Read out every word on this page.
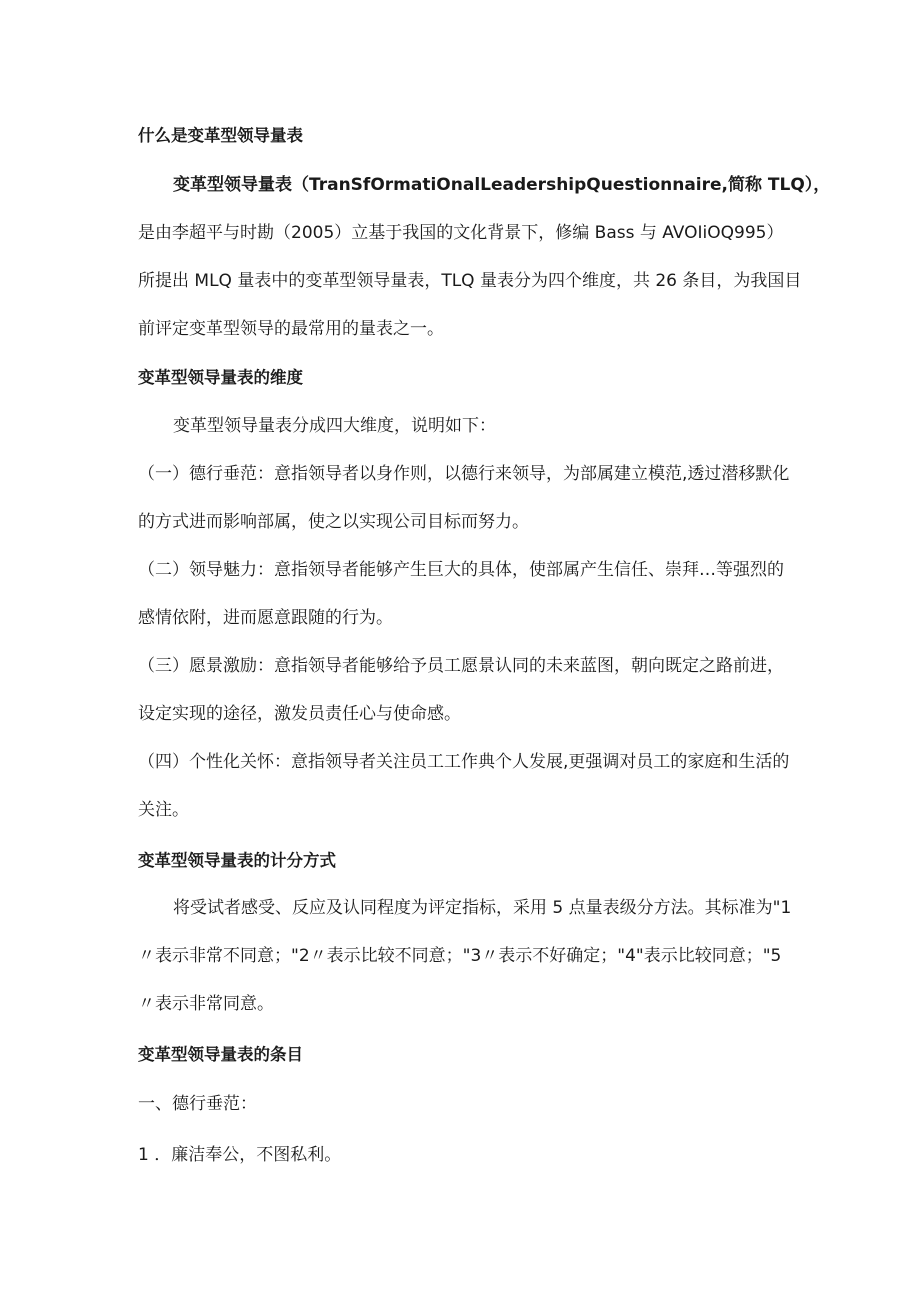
什么是变革型领导量表
变革型领导量表（TranSfOrmatiOnalLeadershipQuestionnaire,简称 TLQ），
是由李超平与时勘（2005）立基于我国的文化背景下，修编 Bass 与 AVOIiOQ995）
所提出 MLQ 量表中的变革型领导量表，TLQ 量表分为四个维度，共 26 条目，为我国目
前评定变革型领导的最常用的量表之一。
变革型领导量表的维度
变革型领导量表分成四大维度，说明如下：
（一）德行垂范：意指领导者以身作则，以德行来领导，为部属建立模范,透过潜移默化
的方式进而影响部属，使之以实现公司目标而努力。
（二）领导魅力：意指领导者能够产生巨大的具体，使部属产生信任、崇拜…等强烈的
感情依附，进而愿意跟随的行为。
（三）愿景激励：意指领导者能够给予员工愿景认同的未来蓝图，朝向既定之路前进，
设定实现的途径，激发员责任心与使命感。
（四）个性化关怀：意指领导者关注员工工作典个人发展,更强调对员工的家庭和生活的
关注。
变革型领导量表的计分方式
将受试者感受、反应及认同程度为评定指标，采用 5 点量表级分方法。其标准为"1
〃表示非常不同意；"2〃表示比较不同意；"3〃表示不好确定；"4"表示比较同意；"5
〃表示非常同意。
变革型领导量表的条目
一、德行垂范：
1 ．廉洁奉公，不图私利。
